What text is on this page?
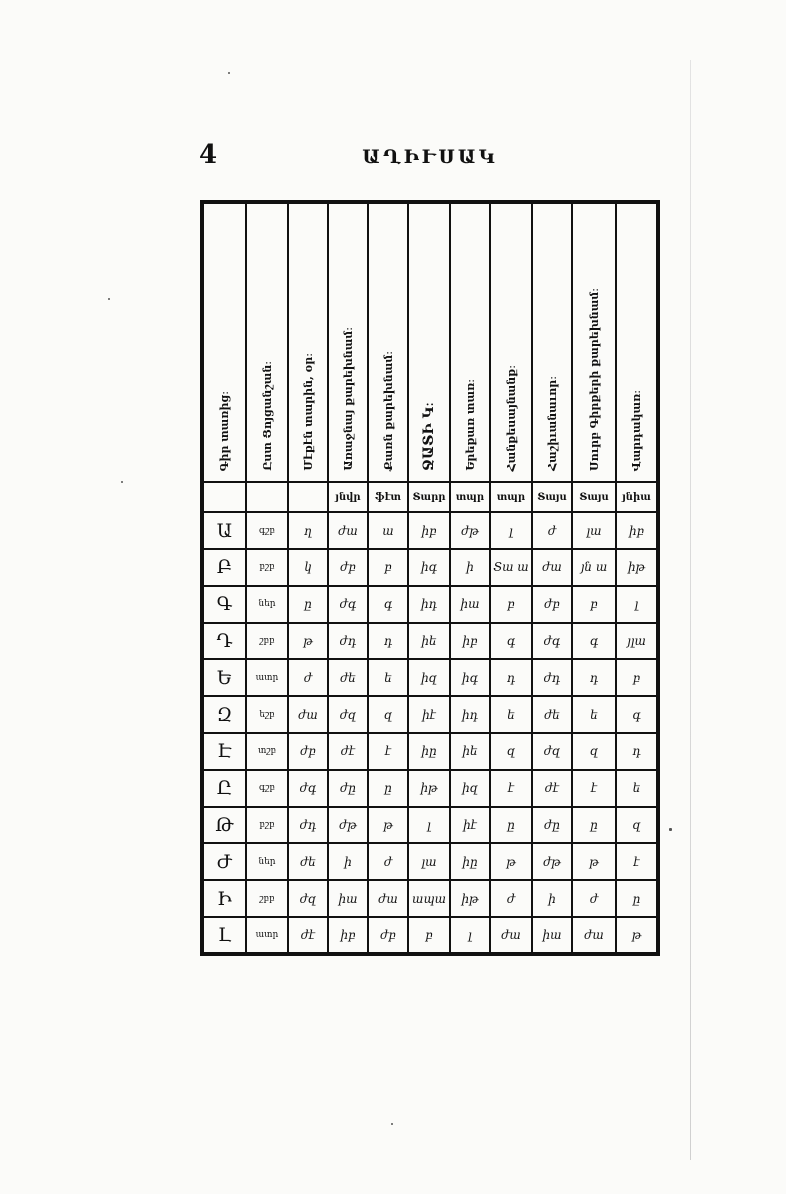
4	ԱՂԻՒՍԱԿ
Գիր տառից։	Ըստ Ցոյցանշան։	Մէքէն տարին, օր։	Առաջնայ քարեխնամ։	Քառն քարեխնամ։	ՋԱՏԻ Կ։	Երեքառ տառ։	Հանքեսայնանք։	Հաշիւանաւոր։	Սուրբ Գիրքերի քարեխնամ։	Վարդակառ։
			յնվր	ֆէտ	Տարր	տպր	տպր	Տայս	Տայս	յնիա
Ա	գշբ	ղ	ժա	ա	իբ	ժթ	լ	ժ	լա	իբ
Բ	բշբ	կ	ժբ	բ	իգ	ի	Տա ա	ժա	յն ա	իթ
Գ	ներ	ը	ժգ	գ	իդ	իա	բ	ժբ	բ	լ
Դ	շբբ	թ	ժդ	դ	իե	իբ	գ	ժգ	գ	յլա
Ե	ատր	ժ	ժե	ե	իզ	իգ	դ	ժդ	դ	բ
Զ	եշբ	ժա	ժզ	զ	իէ	իդ	ե	ժե	ե	գ
Է	տշբ	ժբ	ժէ	է	իը	իե	զ	ժզ	զ	դ
Ը	գշբ	ժգ	ժը	ը	իթ	իզ	է	ժէ	է	ե
Թ	բշբ	ժդ	ժթ	թ	լ	իէ	ը	ժը	ը	զ
Ժ	ներ	ժե	ի	ժ	լա	իը	թ	ժթ	թ	է
Ի	շբբ	ժզ	իա	ժա	ապա	իթ	ժ	ի	ժ	ը
Լ	ատր	ժէ	իբ	ժբ	բ	լ	ժա	իա	ժա	թ
